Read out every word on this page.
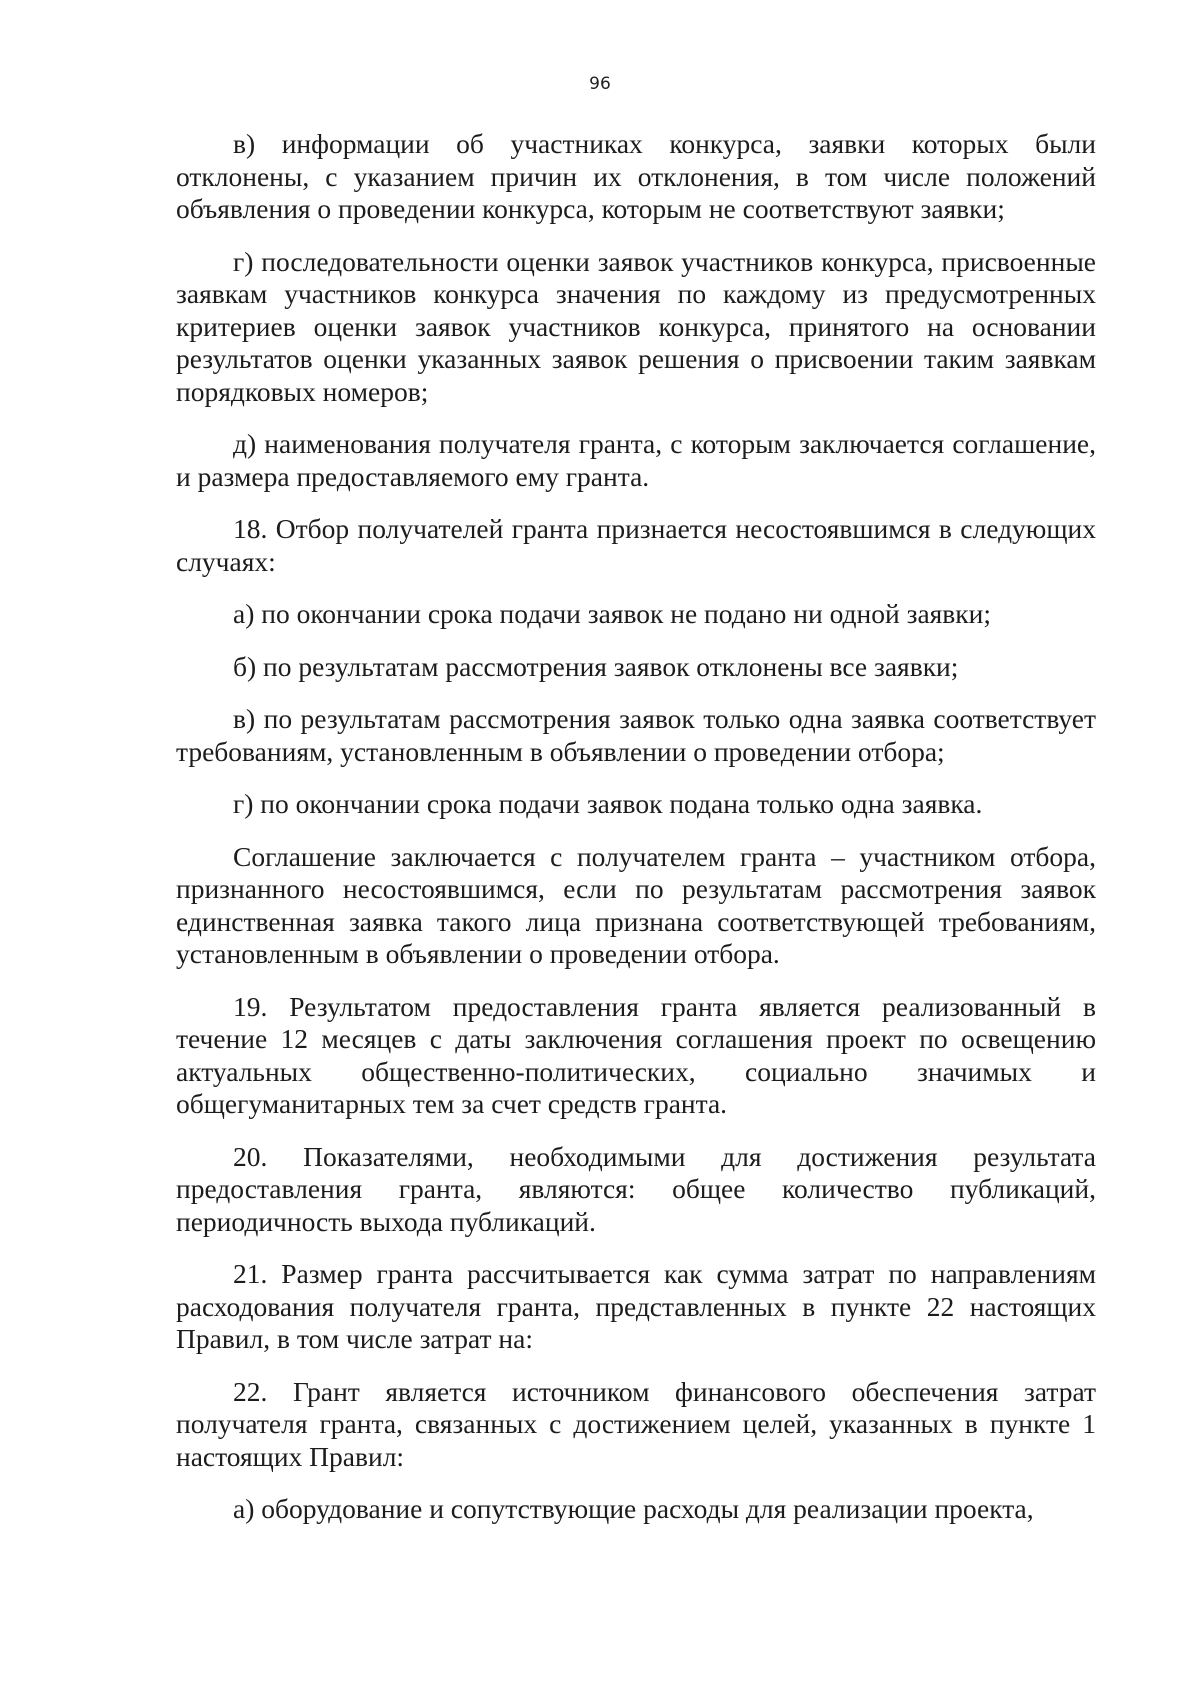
96

в) информации об участниках конкурса, заявки которых были отклонены, с указанием причин их отклонения, в том числе положений объявления о проведении конкурса, которым не соответствуют заявки;

г) последовательности оценки заявок участников конкурса, присвоенные заявкам участников конкурса значения по каждому из предусмотренных критериев оценки заявок участников конкурса, принятого на основании результатов оценки указанных заявок решения о присвоении таким заявкам порядковых номеров;

д) наименования получателя гранта, с которым заключается соглашение, и размера предоставляемого ему гранта.

18. Отбор получателей гранта признается несостоявшимся в следующих случаях:

а) по окончании срока подачи заявок не подано ни одной заявки;

б) по результатам рассмотрения заявок отклонены все заявки;

в) по результатам рассмотрения заявок только одна заявка соответствует требованиям, установленным в объявлении о проведении отбора;

г) по окончании срока подачи заявок подана только одна заявка.

Соглашение заключается с получателем гранта – участником отбора, признанного несостоявшимся, если по результатам рассмотрения заявок единственная заявка такого лица признана соответствующей требованиям, установленным в объявлении о проведении отбора.

19. Результатом предоставления гранта является реализованный в течение 12 месяцев с даты заключения соглашения проект по освещению актуальных общественно-политических, социально значимых и общегуманитарных тем за счет средств гранта.

20. Показателями, необходимыми для достижения результата предоставления гранта, являются: общее количество публикаций, периодичность выхода публикаций.

21. Размер гранта рассчитывается как сумма затрат по направлениям расходования получателя гранта, представленных в пункте 22 настоящих Правил, в том числе затрат на:

22. Грант является источником финансового обеспечения затрат получателя гранта, связанных с достижением целей, указанных в пункте 1 настоящих Правил:

а) оборудование и сопутствующие расходы для реализации проекта,
